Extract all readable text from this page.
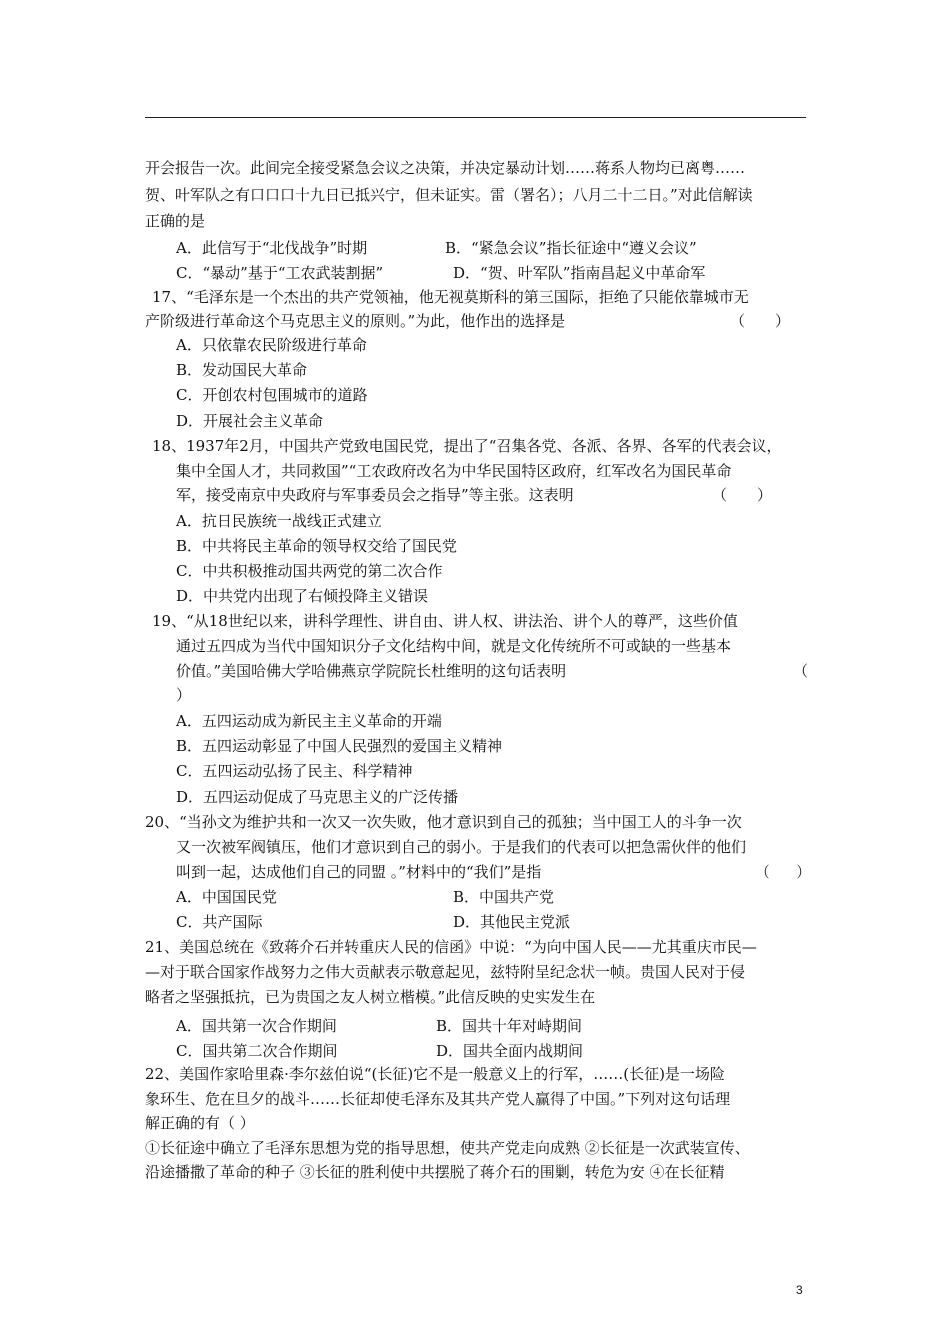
开会报告一次。此间完全接受紧急会议之决策，并决定暴动计划……蒋系人物均已离粤……
贺、叶军队之有口口口十九日已抵兴宁，但未证实。雷（署名）；八月二十二日。”对此信解读
正确的是
A．此信写于“北伐战争”时期	B．“紧急会议”指长征途中“遵义会议”
C．“暴动”基于“工农武装割据”	D．“贺、叶军队”指南昌起义中革命军
17、“毛泽东是一个杰出的共产党领袖，他无视莫斯科的第三国际，拒绝了只能依靠城市无
产阶级进行革命这个马克思主义的原则。”为此，他作出的选择是	（　　）
A．只依靠农民阶级进行革命
B．发动国民大革命
C．开创农村包围城市的道路
D．开展社会主义革命
18、1937年2月，中国共产党致电国民党，提出了“召集各党、各派、各界、各军的代表会议，
集中全国人才，共同救国”“工农政府改名为中华民国特区政府，红军改名为国民革命
军，接受南京中央政府与军事委员会之指导”等主张。这表明	（　　）
A．抗日民族统一战线正式建立
B．中共将民主革命的领导权交给了国民党
C．中共积极推动国共两党的第二次合作
D．中共党内出现了右倾投降主义错误
19、“从18世纪以来，讲科学理性、讲自由、讲人权、讲法治、讲个人的尊严，这些价值
通过五四成为当代中国知识分子文化结构中间，就是文化传统所不可或缺的一些基本
价值。”美国哈佛大学哈佛燕京学院院长杜维明的这句话表明	（
）
A．五四运动成为新民主主义革命的开端
B．五四运动彰显了中国人民强烈的爱国主义精神
C．五四运动弘扬了民主、科学精神
D．五四运动促成了马克思主义的广泛传播
20、“当孙文为维护共和一次又一次失败，他才意识到自己的孤独；当中国工人的斗争一次
又一次被军阀镇压，他们才意识到自己的弱小。于是我们的代表可以把急需伙伴的他们
叫到一起，达成他们自己的同盟 。”材料中的“我们”是指	（　　）
A．中国国民党	B．中国共产党
C．共产国际	D．其他民主党派
21、美国总统在《致蒋介石并转重庆人民的信函》中说：“为向中国人民——尤其重庆市民—
—对于联合国家作战努力之伟大贡献表示敬意起见，兹特附呈纪念状一帧。贵国人民对于侵
略者之坚强抵抗，已为贵国之友人树立楷模。”此信反映的史实发生在
A．国共第一次合作期间	B．国共十年对峙期间
C．国共第二次合作期间	D．国共全面内战期间
22、美国作家哈里森·李尔兹伯说“(长征)它不是一般意义上的行军，……(长征)是一场险
象环生、危在旦夕的战斗……长征却使毛泽东及其共产党人赢得了中国。”下列对这句话理
解正确的有（ ）
①长征途中确立了毛泽东思想为党的指导思想，使共产党走向成熟 ②长征是一次武装宣传、
沿途播撒了革命的种子 ③长征的胜利使中共摆脱了蒋介石的围剿，转危为安 ④在长征精
3
